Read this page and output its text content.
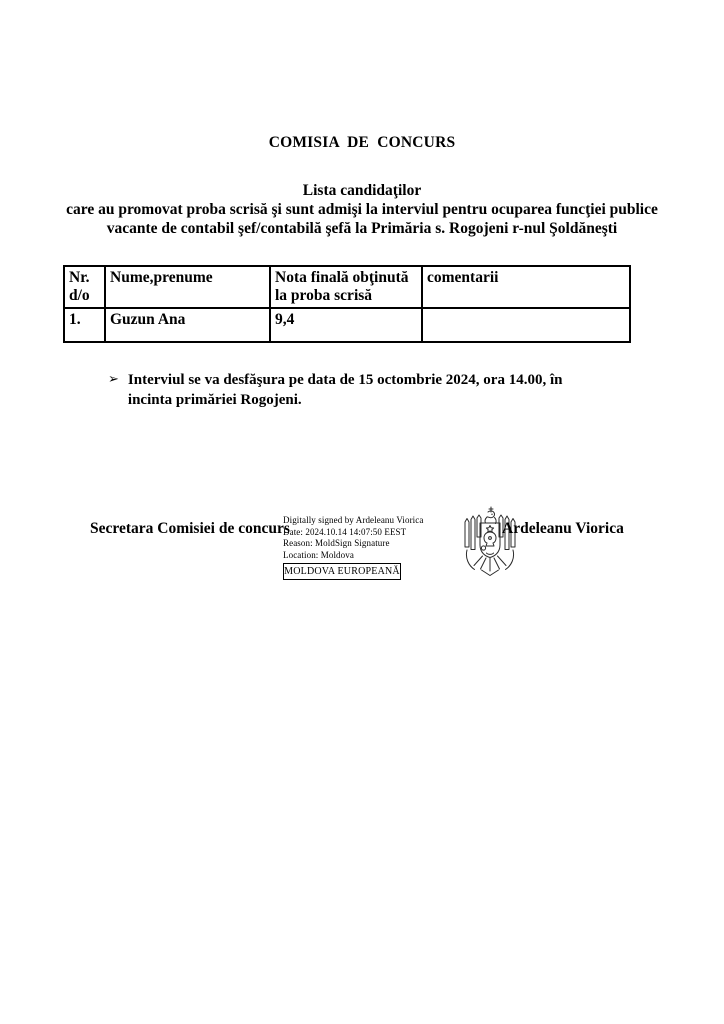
COMISIA  DE  CONCURS
Lista candidaţilor
care au promovat proba scrisă şi sunt admişi la interviul pentru ocuparea funcţiei publice
vacante de contabil şef/contabilă şefă la Primăria s. Rogojeni r-nul Şoldăneşti
Nr. d/o	Nume,prenume	Nota finală obţinută la proba scrisă	comentarii
1.	Guzun Ana	9,4	
➢ Interviul se va desfăşura pe data de 15 octombrie 2024, ora 14.00, în incinta primăriei Rogojeni.
Secretara Comisiei de concurs
Digitally signed by Ardeleanu Viorica
Date: 2024.10.14 14:07:50 EEST
Reason: MoldSign Signature
Location: Moldova
MOLDOVA EUROPEANĂ
Ardeleanu Viorica
